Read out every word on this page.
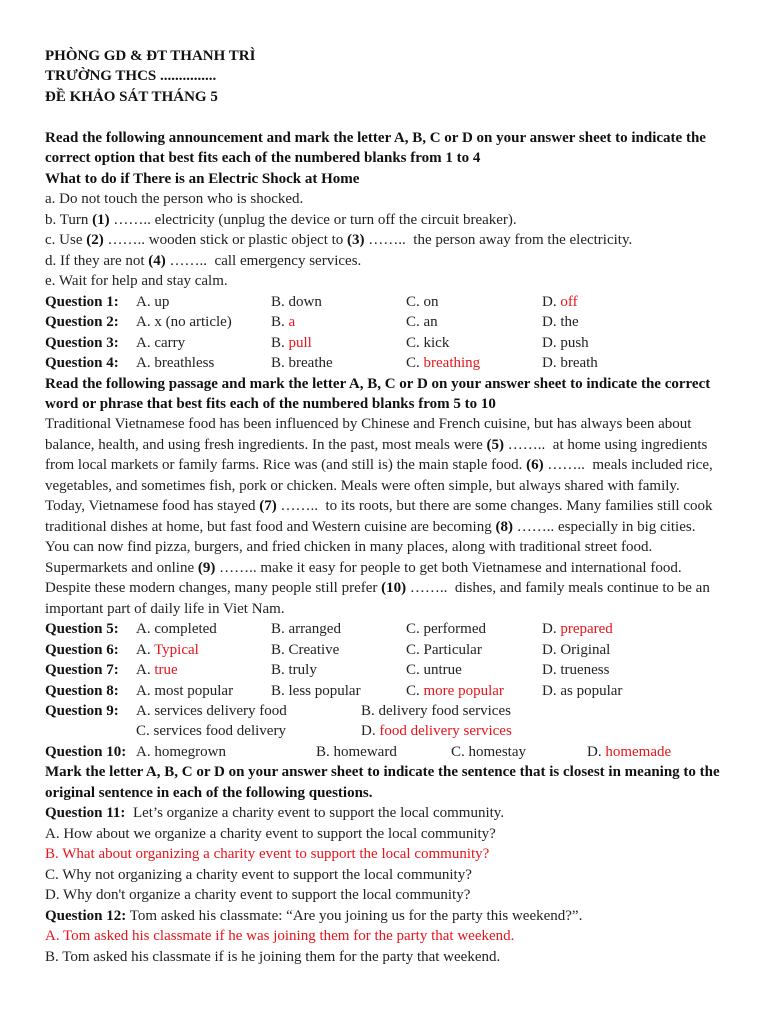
PHÒNG GD & ĐT THANH TRÌ
TRƯỜNG THCS ...............
ĐỀ KHẢO SÁT THÁNG 5
Read the following announcement and mark the letter A, B, C or D on your answer sheet to indicate the
correct option that best fits each of the numbered blanks from 1 to 4
What to do if There is an Electric Shock at Home
a. Do not touch the person who is shocked.
b. Turn (1) …….. electricity (unplug the device or turn off the circuit breaker).
c. Use (2) …….. wooden stick or plastic object to (3) ……..  the person away from the electricity.
d. If they are not (4) ……..  call emergency services.
e. Wait for help and stay calm.
Question 1: A. up	B. down	C. on	D. off
Question 2: A. x (no article)	B. a	C. an	D. the
Question 3: A. carry	B. pull	C. kick	D. push
Question 4: A. breathless	B. breathe	C. breathing	D. breath
Read the following passage and mark the letter A, B, C or D on your answer sheet to indicate the correct
word or phrase that best fits each of the numbered blanks from 5 to 10
Traditional Vietnamese food has been influenced by Chinese and French cuisine, but has always been about
balance, health, and using fresh ingredients. In the past, most meals were (5) ……..  at home using ingredients
from local markets or family farms. Rice was (and still is) the main staple food. (6) ……..  meals included rice,
vegetables, and sometimes fish, pork or chicken. Meals were often simple, but always shared with family.
Today, Vietnamese food has stayed (7) ……..  to its roots, but there are some changes. Many families still cook
traditional dishes at home, but fast food and Western cuisine are becoming (8) …….. especially in big cities.
You can now find pizza, burgers, and fried chicken in many places, along with traditional street food.
Supermarkets and online (9) …….. make it easy for people to get both Vietnamese and international food.
Despite these modern changes, many people still prefer (10) ……..  dishes, and family meals continue to be an
important part of daily life in Viet Nam.
Question 5: A. completed	B. arranged	C. performed	D. prepared
Question 6: A. Typical	B. Creative	C. Particular	D. Original
Question 7: A. true	B. truly	C. untrue	D. trueness
Question 8: A. most popular	B. less popular	C. more popular	D. as popular
Question 9: A. services delivery food	B. delivery food services
C. services food delivery	D. food delivery services
Question 10: A. homegrown	B. homeward	C. homestay	D. homemade
Mark the letter A, B, C or D on your answer sheet to indicate the sentence that is closest in meaning to the
original sentence in each of the following questions.
Question 11:  Let’s organize a charity event to support the local community.
A. How about we organize a charity event to support the local community?
B. What about organizing a charity event to support the local community?
C. Why not organizing a charity event to support the local community?
D. Why don't organize a charity event to support the local community?
Question 12: Tom asked his classmate: “Are you joining us for the party this weekend?”.
A. Tom asked his classmate if he was joining them for the party that weekend.
B. Tom asked his classmate if is he joining them for the party that weekend.
